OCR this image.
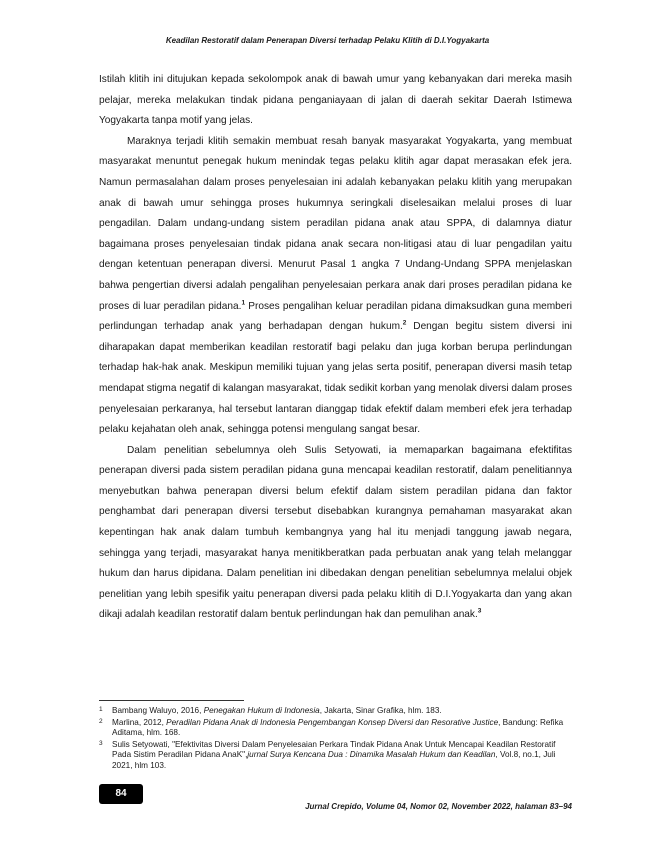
Keadilan Restoratif dalam Penerapan Diversi terhadap Pelaku Klitih di D.I.Yogyakarta

Istilah klitih ini ditujukan kepada sekolompok anak di bawah umur yang kebanyakan dari mereka masih pelajar, mereka melakukan tindak pidana penganiayaan di jalan di daerah sekitar Daerah Istimewa Yogyakarta tanpa motif yang jelas.

Maraknya terjadi klitih semakin membuat resah banyak masyarakat Yogyakarta, yang membuat masyarakat menuntut penegak hukum menindak tegas pelaku klitih agar dapat merasakan efek jera. Namun permasalahan dalam proses penyelesaian ini adalah kebanyakan pelaku klitih yang merupakan anak di bawah umur sehingga proses hukumnya seringkali diselesaikan melalui proses di luar pengadilan. Dalam undang-undang sistem peradilan pidana anak atau SPPA, di dalamnya diatur bagaimana proses penyelesaian tindak pidana anak secara non-litigasi atau di luar pengadilan yaitu dengan ketentuan penerapan diversi. Menurut Pasal 1 angka 7 Undang-Undang SPPA menjelaskan bahwa pengertian diversi adalah pengalihan penyelesaian perkara anak dari proses peradilan pidana ke proses di luar peradilan pidana.$^1$ Proses pengalihan keluar peradilan pidana dimaksudkan guna memberi perlindungan terhadap anak yang berhadapan dengan hukum.$^2$ Dengan begitu sistem diversi ini diharapakan dapat memberikan keadilan restoratif bagi pelaku dan juga korban berupa perlindungan terhadap hak-hak anak. Meskipun memiliki tujuan yang jelas serta positif, penerapan diversi masih tetap mendapat stigma negatif di kalangan masyarakat, tidak sedikit korban yang menolak diversi dalam proses penyelesaian perkaranya, hal tersebut lantaran dianggap tidak efektif dalam memberi efek jera terhadap pelaku kejahatan oleh anak, sehingga potensi mengulang sangat besar.

Dalam penelitian sebelumnya oleh Sulis Setyowati, ia memaparkan bagaimana efektifitas penerapan diversi pada sistem peradilan pidana guna mencapai keadilan restoratif, dalam penelitiannya menyebutkan bahwa penerapan diversi belum efektif dalam sistem peradilan pidana dan faktor penghambat dari penerapan diversi tersebut disebabkan kurangnya pemahaman masyarakat akan kepentingan hak anak dalam tumbuh kembangnya yang hal itu menjadi tanggung jawab negara, sehingga yang terjadi, masyarakat hanya menitikberatkan pada perbuatan anak yang telah melanggar hukum dan harus dipidana. Dalam penelitian ini dibedakan dengan penelitian sebelumnya melalui objek penelitian yang lebih spesifik yaitu penerapan diversi pada pelaku klitih di D.I.Yogyakarta dan yang akan dikaji adalah keadilan restoratif dalam bentuk perlindungan hak dan pemulihan anak.$^3$

1 Bambang Waluyo, 2016, Penegakan Hukum di Indonesia, Jakarta, Sinar Grafika, hlm. 183.
2 Marlina, 2012, Peradilan Pidana Anak di Indonesia Pengembangan Konsep Diversi dan Resorative Justice, Bandung: Refika Aditama, hlm. 168.
3 Sulis Setyowati, "Efektivitas Diversi Dalam Penyelesaian Perkara Tindak Pidana Anak Untuk Mencapai Keadilan Restoratif Pada Sistim Peradilan Pidana AnaK",jurnal Surya Kencana Dua : Dinamika Masalah Hukum dan Keadilan, Vol.8, no.1, Juli 2021, hlm 103.
84
Jurnal Crepido, Volume 04, Nomor 02, November 2022, halaman 83–94
